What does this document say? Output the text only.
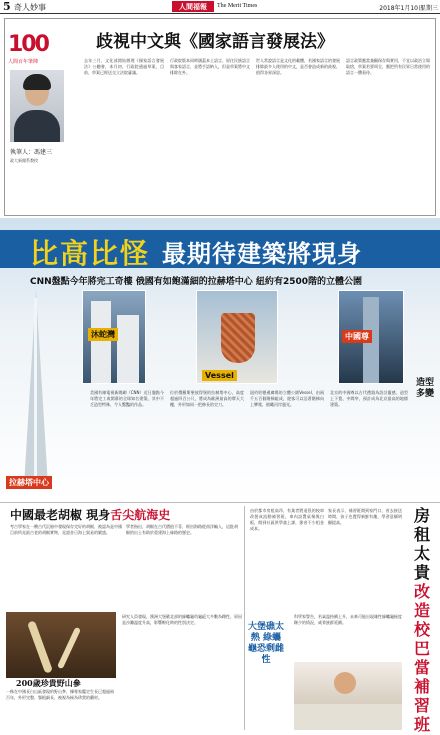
5 奇人妙事	人間福報	The Merit Times	2018年1月10日
星期三
100
人間百年筆陣
執筆人：馮建三
政大新聞系教授
歧視中文與《國家語言發展法》

去年三月，文化部開始辦理《國家語言發展法》公聽會，本月初，行政院通過草案，目前，草案已經送交立法院審議。

行政院版本同時涵蓋本土語言、原住民族語言與客家語言，並將手語納入，但是草案將中文排除在外。

世人常說語言是文化的載體，若國家語言的發展排除最多人使用的中文，是否會造成新的歧視，值得各界深思。

語言政策應當兼顧保存與實用，不宜以政治立場取捨，草案若要周全，應把所有民眾日常使用的語言一體看待。

比高比怪 最期待建築將現身
CNN盤點今年將完工奇樓 俄國有如飽滿細的拉赫塔中心 紐約有2500階的立體公園
拉赫塔中心
沐蛇灣
Vessel
中國尊

美國有線電視新聞網（CNN）近日盤點今年將完工或開幕的全球知名建築，其中不乏造型特殊、令人驚豔的作品。

位於俄羅斯聖彼得堡的拉赫塔中心，高度超過四百公尺，將成為歐洲最高的摩天大樓，外形如同一把修長的尖刀。

紐約哈德遜廣場的立體公園Vessel，由兩千五百個階梯組成，遊客可以沿著階梯向上攀爬，俯瞰河岸風光。

北京的中國尊以古代禮器為設計靈感，造型上下寬、中間窄，預計成為北京最高的地標建築。

造型多變
中國最老胡椒 現身舌尖航海史

考古學家在一艘古代沉船中發現保存完好的胡椒，被認為是中國目前所見最古老的胡椒實物，見證昔日海上貿易的繁盛。

學者指出，胡椒在古代價值不菲，經由海路從南洋輸入，這批胡椒的出土有助於重建海上絲路的歷史。

200歲珍貴野山參

一株在中國長白山區發現的野山參，據專家鑑定生長已超過兩百年，外形完整、鬚根細長，被視為極為珍貴的藥材。

研究人員發現，澳洲大堡礁北部的綠蠵龜幼龜絕大多數為雌性，原因是沙灘溫度升高，影響孵化時的性別決定。	大堡礁太熱 綠蠵龜恐剩雌性

科學家警告，若氣溫持續上升，未來可能出現雄性綠蠵龜極度稀少的情況，威脅族群延續。

由於都市房租高昂，有業者將退役的校車改裝成流動補習班，車內設置桌椅與白板，開到社區供學童上課，節省不少租金成本。

家長表示，補習班開到家門口，省去接送時間，孩子也覺得新鮮有趣，學習意願明顯提高。	房租太貴改造校巴當補習班
